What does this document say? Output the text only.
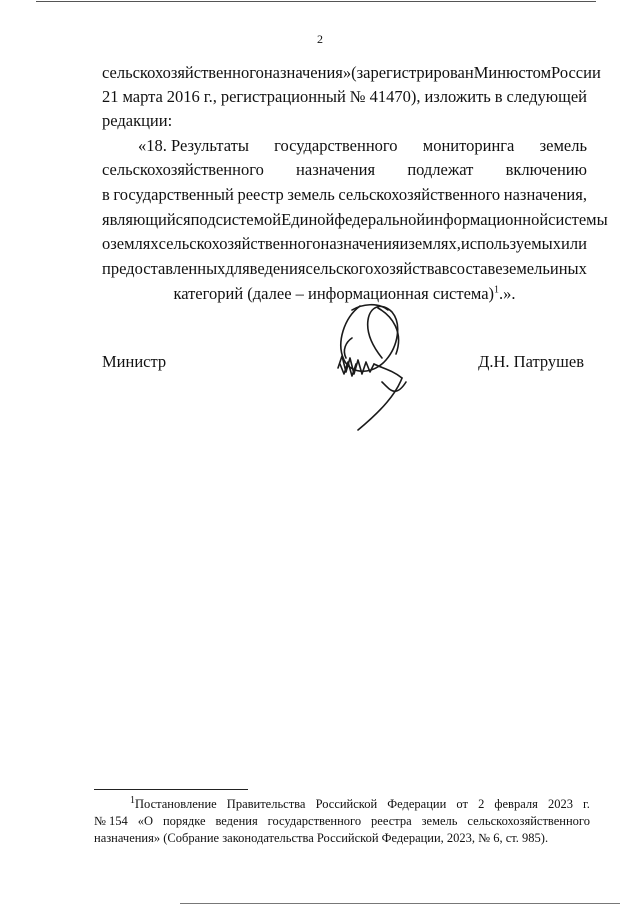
2
сельскохозяйственного назначения» (зарегистрирован Минюстом России
21 марта 2016 г., регистрационный № 41470), изложить в следующей
редакции:
«18. Результаты государственного мониторинга земель
сельскохозяйственного назначения подлежат включению
в государственный реестр земель сельскохозяйственного назначения,
являющийся подсистемой Единой федеральной информационной системы
о землях сельскохозяйственного назначения и землях, используемых или
предоставленных для ведения сельского хозяйства в составе земель иных
категорий (далее – информационная система)$^1$.».
Министр	Д.Н. Патрушев
$^1$Постановление Правительства Российской Федерации от 2 февраля 2023 г.
№ 154 «О порядке ведения государственного реестра земель сельскохозяйственного
назначения» (Собрание законодательства Российской Федерации, 2023, № 6, ст. 985).
